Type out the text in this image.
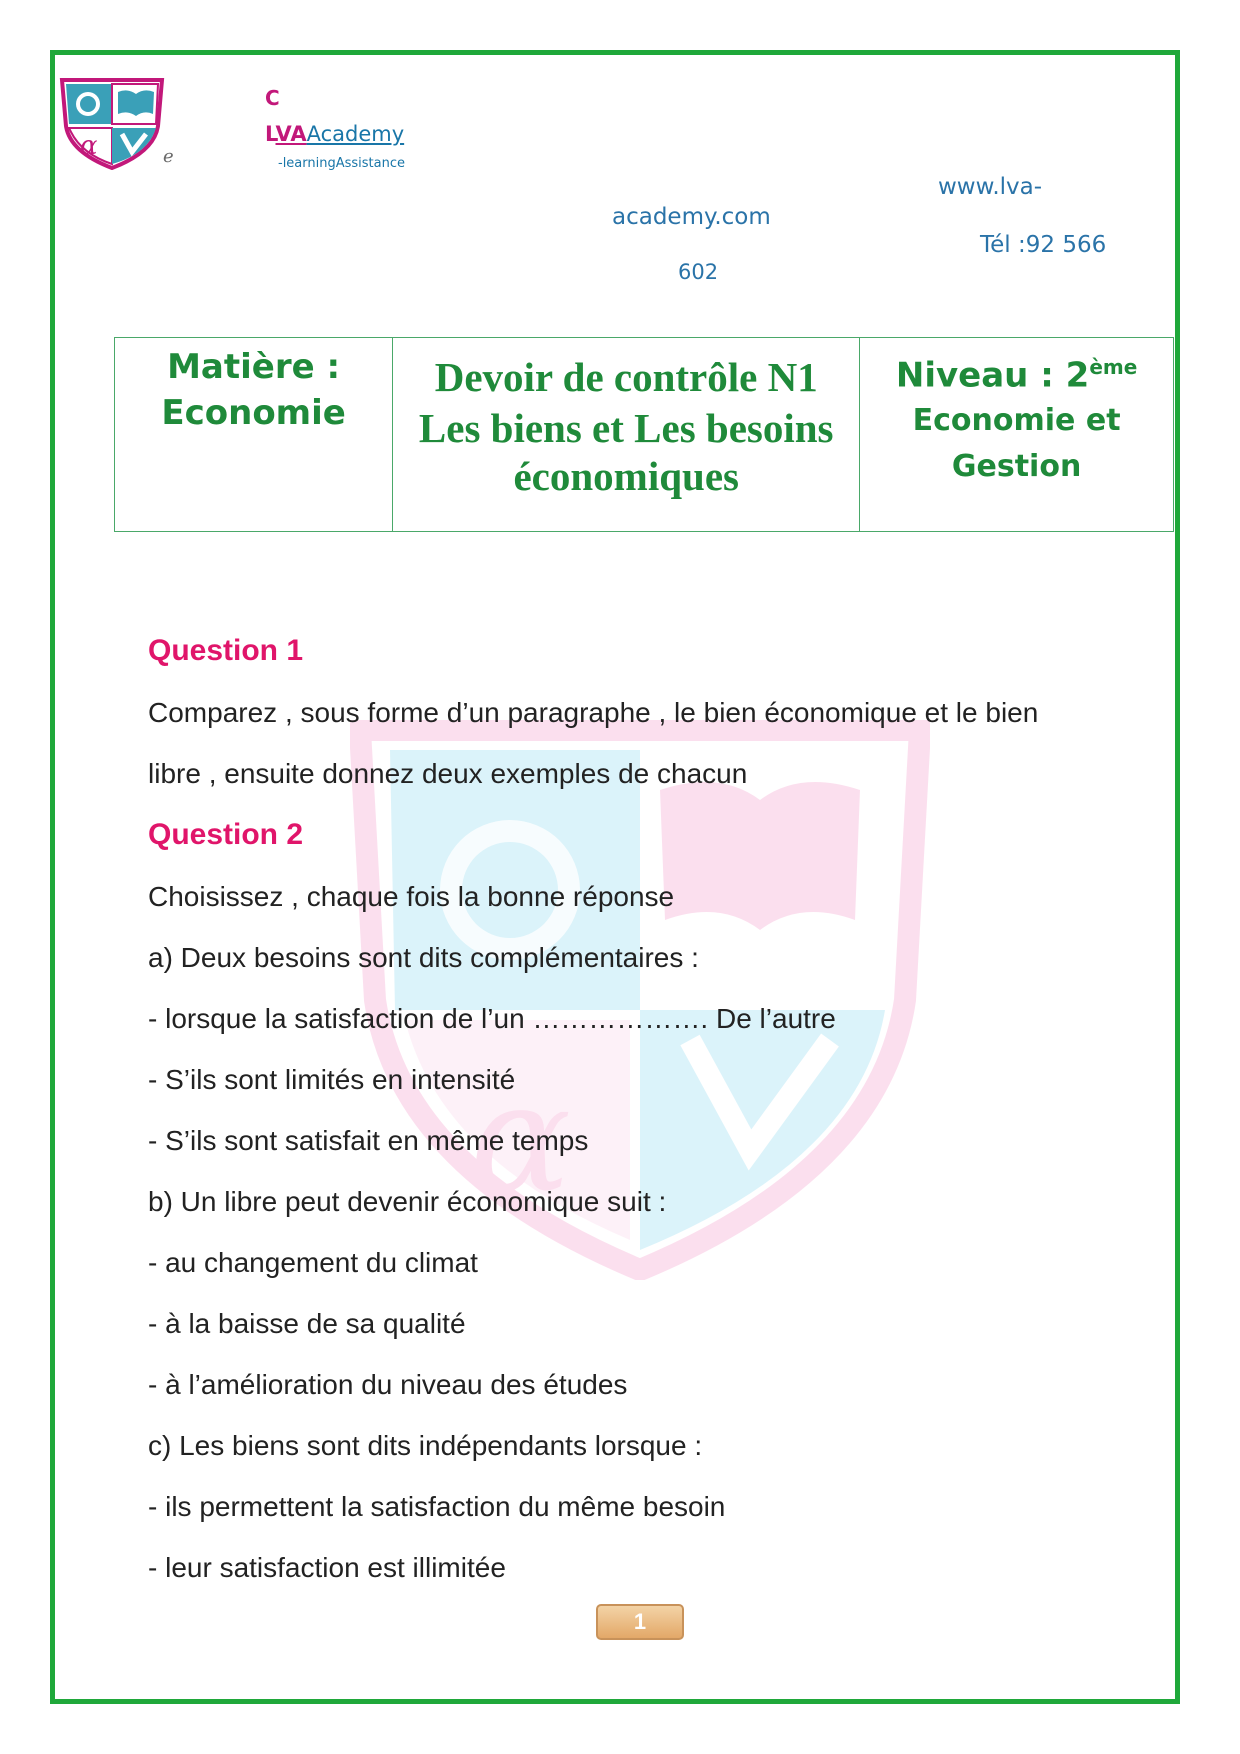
α	e
C
LVAAcademy
-learningAssistance
www.lva-
academy.com
Tél :92 566
602
Matière :
Economie

Devoir de contrôle N1
Les biens et Les besoins
économiques

Niveau : 2ème
Economie et
Gestion
α
Question 1
Comparez , sous forme d’un paragraphe , le bien économique et le bien
libre , ensuite donnez deux exemples de chacun
Question 2
Choisissez , chaque fois la bonne réponse
a) Deux besoins sont dits complémentaires :
- lorsque la satisfaction de l’un ………………. De l’autre
- S’ils sont limités en intensité
- S’ils sont satisfait en même temps
b) Un libre peut devenir économique suit :
- au changement du climat
- à la baisse de sa qualité
- à l’amélioration du niveau des études
c) Les biens sont dits indépendants lorsque :
- ils permettent la satisfaction du même besoin
- leur satisfaction est illimitée
1
